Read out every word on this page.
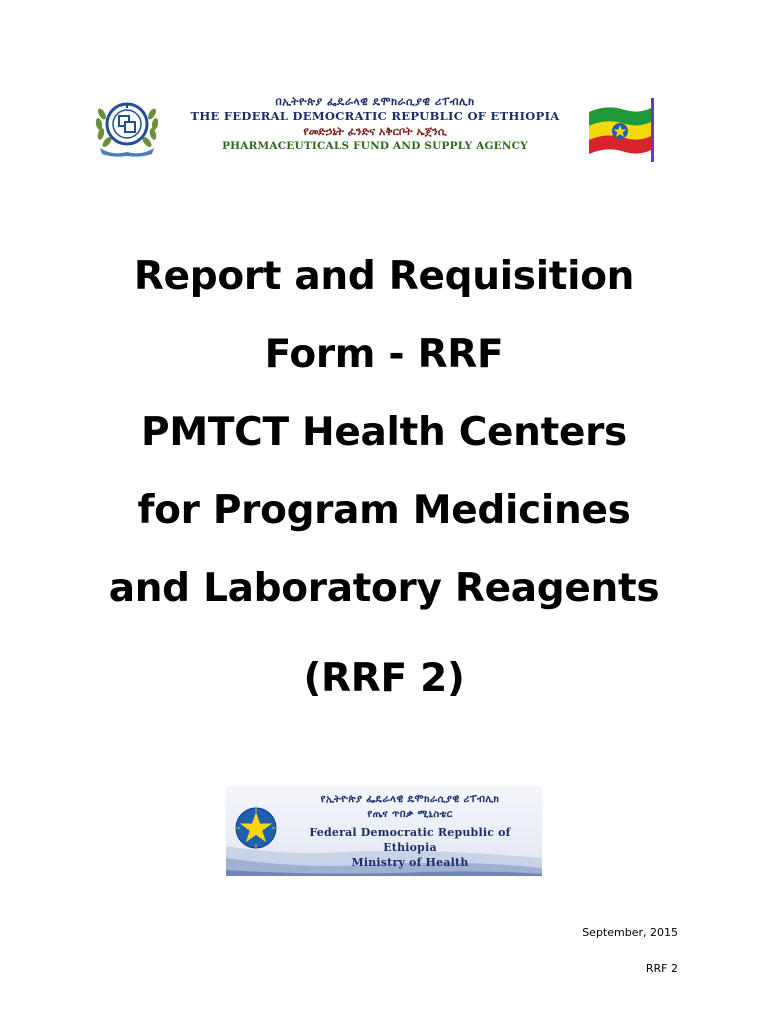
በኢትዮጵያ ፌዴራላዊ ዴሞክራሲያዊ ሪፐብሊክ
THE FEDERAL DEMOCRATIC REPUBLIC OF ETHIOPIA
የመድኃኒት ፈንድና አቅርቦት ኤጀንሲ
PHARMACEUTICALS FUND AND SUPPLY AGENCY
Report and Requisition
Form - RRF
PMTCT Health Centers
for Program Medicines
and Laboratory Reagents
(RRF 2)
የኢትዮጵያ ፌዴራላዊ ዴሞክራሲያዊ ሪፐብሊክ
የጤና ጥበቃ ሚኒስቴር
Federal Democratic Republic of Ethiopia
Ministry of Health
September, 2015
RRF 2
